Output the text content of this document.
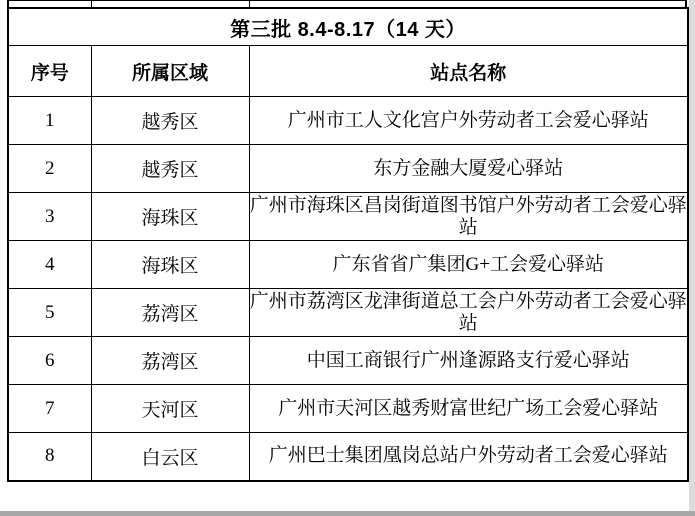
第三批 8.4-8.17（14 天）		
序号	所属区域	站点名称
1	越秀区	广州市工人文化宫户外劳动者工会爱心驿站
2	越秀区	东方金融大厦爱心驿站
3	海珠区	广州市海珠区昌岗街道图书馆户外劳动者工会爱心驿站
4	海珠区	广东省省广集团G+工会爱心驿站
5	荔湾区	广州市荔湾区龙津街道总工会户外劳动者工会爱心驿站
6	荔湾区	中国工商银行广州逢源路支行爱心驿站
7	天河区	广州市天河区越秀财富世纪广场工会爱心驿站
8	白云区	广州巴士集团凰岗总站户外劳动者工会爱心驿站
